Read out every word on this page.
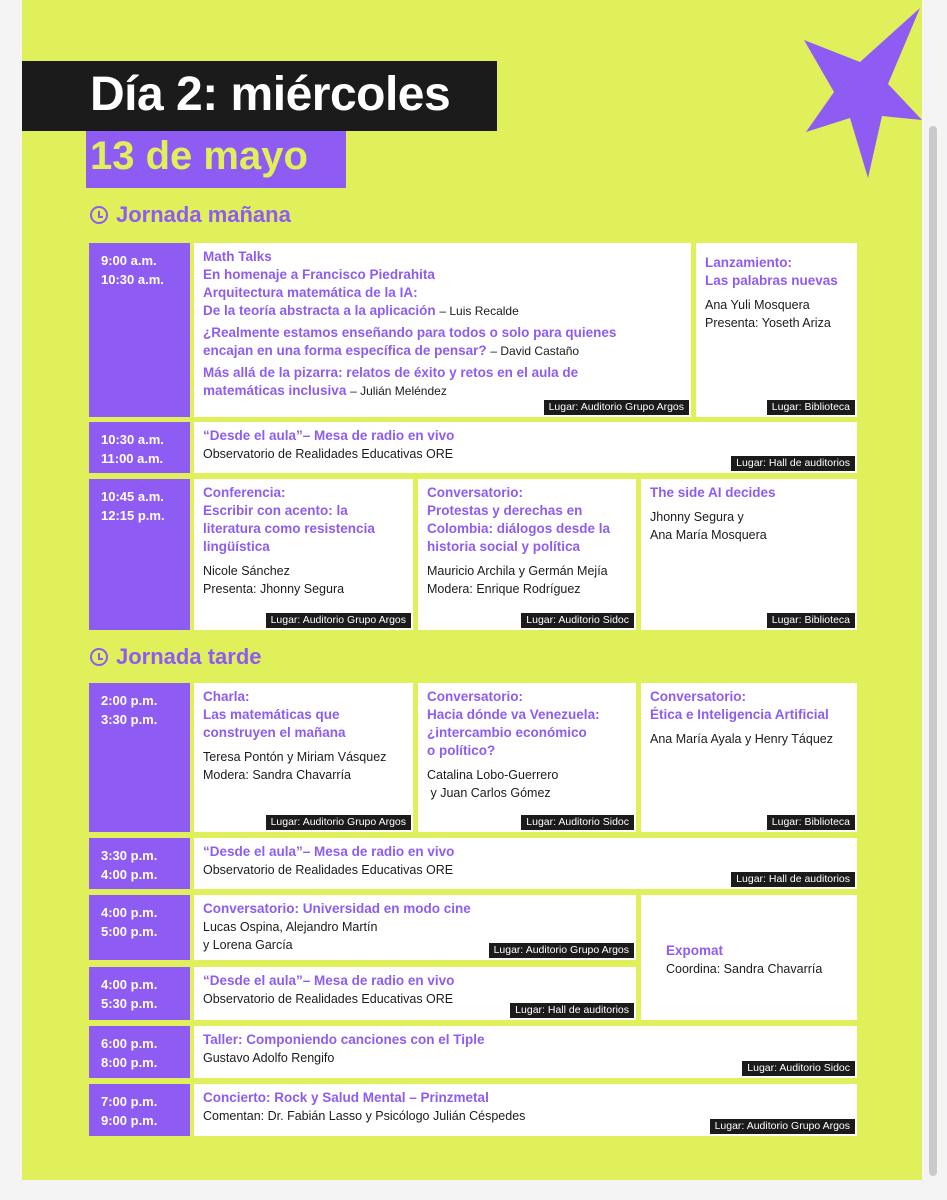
Día 2: miércoles
13 de mayo
Jornada mañana
9:00 a.m.
10:30 a.m.
Math Talks
En homenaje a Francisco Piedrahita
Arquitectura matemática de la IA:
De la teoría abstracta a la aplicación – Luis Recalde
¿Realmente estamos enseñando para todos o solo para quienes
encajan en una forma específica de pensar? – David Castaño
Más allá de la pizarra: relatos de éxito y retos en el aula de
matemáticas inclusiva – Julián Meléndez
Lugar: Auditorio Grupo Argos
Lanzamiento:
Las palabras nuevas
Ana Yuli Mosquera
Presenta: Yoseth Ariza
Lugar: Biblioteca
10:30 a.m.
11:00 a.m.
“Desde el aula”– Mesa de radio en vivo
Observatorio de Realidades Educativas ORE
Lugar: Hall de auditorios
10:45 a.m.
12:15 p.m.
Conferencia:
Escribir con acento: la
literatura como resistencia
lingüística
Nicole Sánchez
Presenta: Jhonny Segura
Lugar: Auditorio Grupo Argos
Conversatorio:
Protestas y derechas en
Colombia: diálogos desde la
historia social y política
Mauricio Archila y Germán Mejía
Modera: Enrique Rodríguez
Lugar: Auditorio Sidoc
The side AI decides
Jhonny Segura y
Ana María Mosquera
Lugar: Biblioteca
Jornada tarde
2:00 p.m.
3:30 p.m.
Charla:
Las matemáticas que
construyen el mañana
Teresa Pontón y Miriam Vásquez
Modera: Sandra Chavarría
Lugar: Auditorio Grupo Argos
Conversatorio:
Hacia dónde va Venezuela:
¿intercambio económico
o político?
Catalina Lobo-Guerrero
y Juan Carlos Gómez
Lugar: Auditorio Sidoc
Conversatorio:
Ética e Inteligencia Artificial
Ana María Ayala y Henry Táquez
Lugar: Biblioteca
3:30 p.m.
4:00 p.m.
“Desde el aula”– Mesa de radio en vivo
Observatorio de Realidades Educativas ORE
Lugar: Hall de auditorios
4:00 p.m.
5:00 p.m.
Conversatorio: Universidad en modo cine
Lucas Ospina, Alejandro Martín
y Lorena García	Lugar: Auditorio Grupo Argos	Expomat
Coordina: Sandra Chavarría
4:00 p.m.
5:30 p.m.
“Desde el aula”– Mesa de radio en vivo
Observatorio de Realidades Educativas ORE
Lugar: Hall de auditorios
6:00 p.m.
8:00 p.m.
Taller: Componiendo canciones con el Tiple
Gustavo Adolfo Rengifo
Lugar: Auditorio Sidoc
7:00 p.m.
9:00 p.m.
Concierto: Rock y Salud Mental – Prinzmetal
Comentan: Dr. Fabián Lasso y Psicólogo Julián Céspedes
Lugar: Auditorio Grupo Argos
